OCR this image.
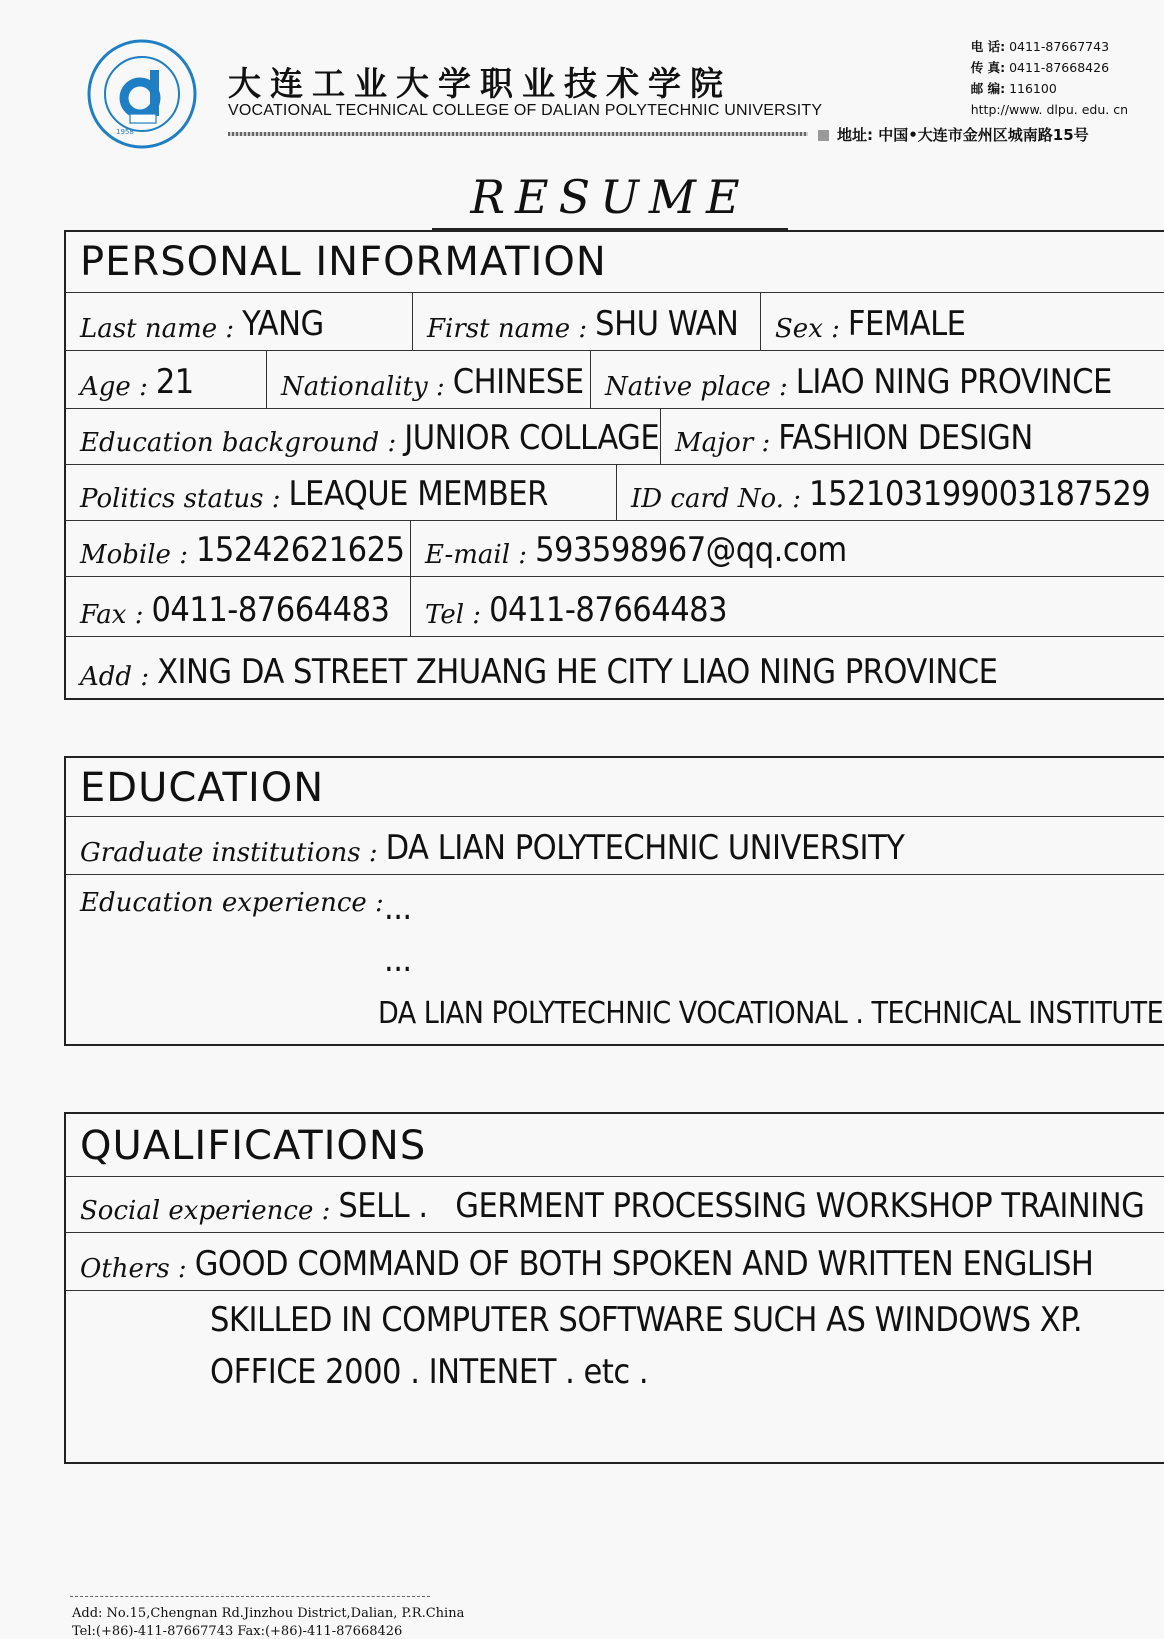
1958
大连工业大学职业技术学院
VOCATIONAL TECHNICAL COLLEGE OF DALIAN POLYTECHNIC UNIVERSITY
电 话: 0411-87667743
传 真: 0411-87668426
邮 编: 116100
http://www. dlpu. edu. cn
地址: 中国•大连市金州区城南路15号
RESUME
PERSONAL INFORMATION
Last name : YANG	First name : SHU WAN Sex : FEMALE
Age : 21	Nationality : CHINESE Native place : LIAO NING PROVINCE
Education background : JUNIOR COLLAGE Major : FASHION DESIGN
Politics status : LEAQUE MEMBER	ID card No. : 152103199003187529
Mobile : 15242621625 E-mail : 593598967@qq.com
Fax : 0411-87664483 Tel : 0411-87664483
Add : XING DA STREET ZHUANG HE CITY LIAO NING PROVINCE
EDUCATION
Graduate institutions : DA LIAN POLYTECHNIC UNIVERSITY
Education experience : ...
...
DA LIAN POLYTECHNIC VOCATIONAL . TECHNICAL INSTITUTE
QUALIFICATIONS
Social experience : SELL .   GERMENT PROCESSING WORKSHOP TRAINING
Others : GOOD COMMAND OF BOTH SPOKEN AND WRITTEN ENGLISH
SKILLED IN COMPUTER SOFTWARE SUCH AS WINDOWS XP.
OFFICE 2000 . INTENET . etc .
Add: No.15,Chengnan Rd.Jinzhou District,Dalian, P.R.China
Tel:(+86)-411-87667743 Fax:(+86)-411-87668426
